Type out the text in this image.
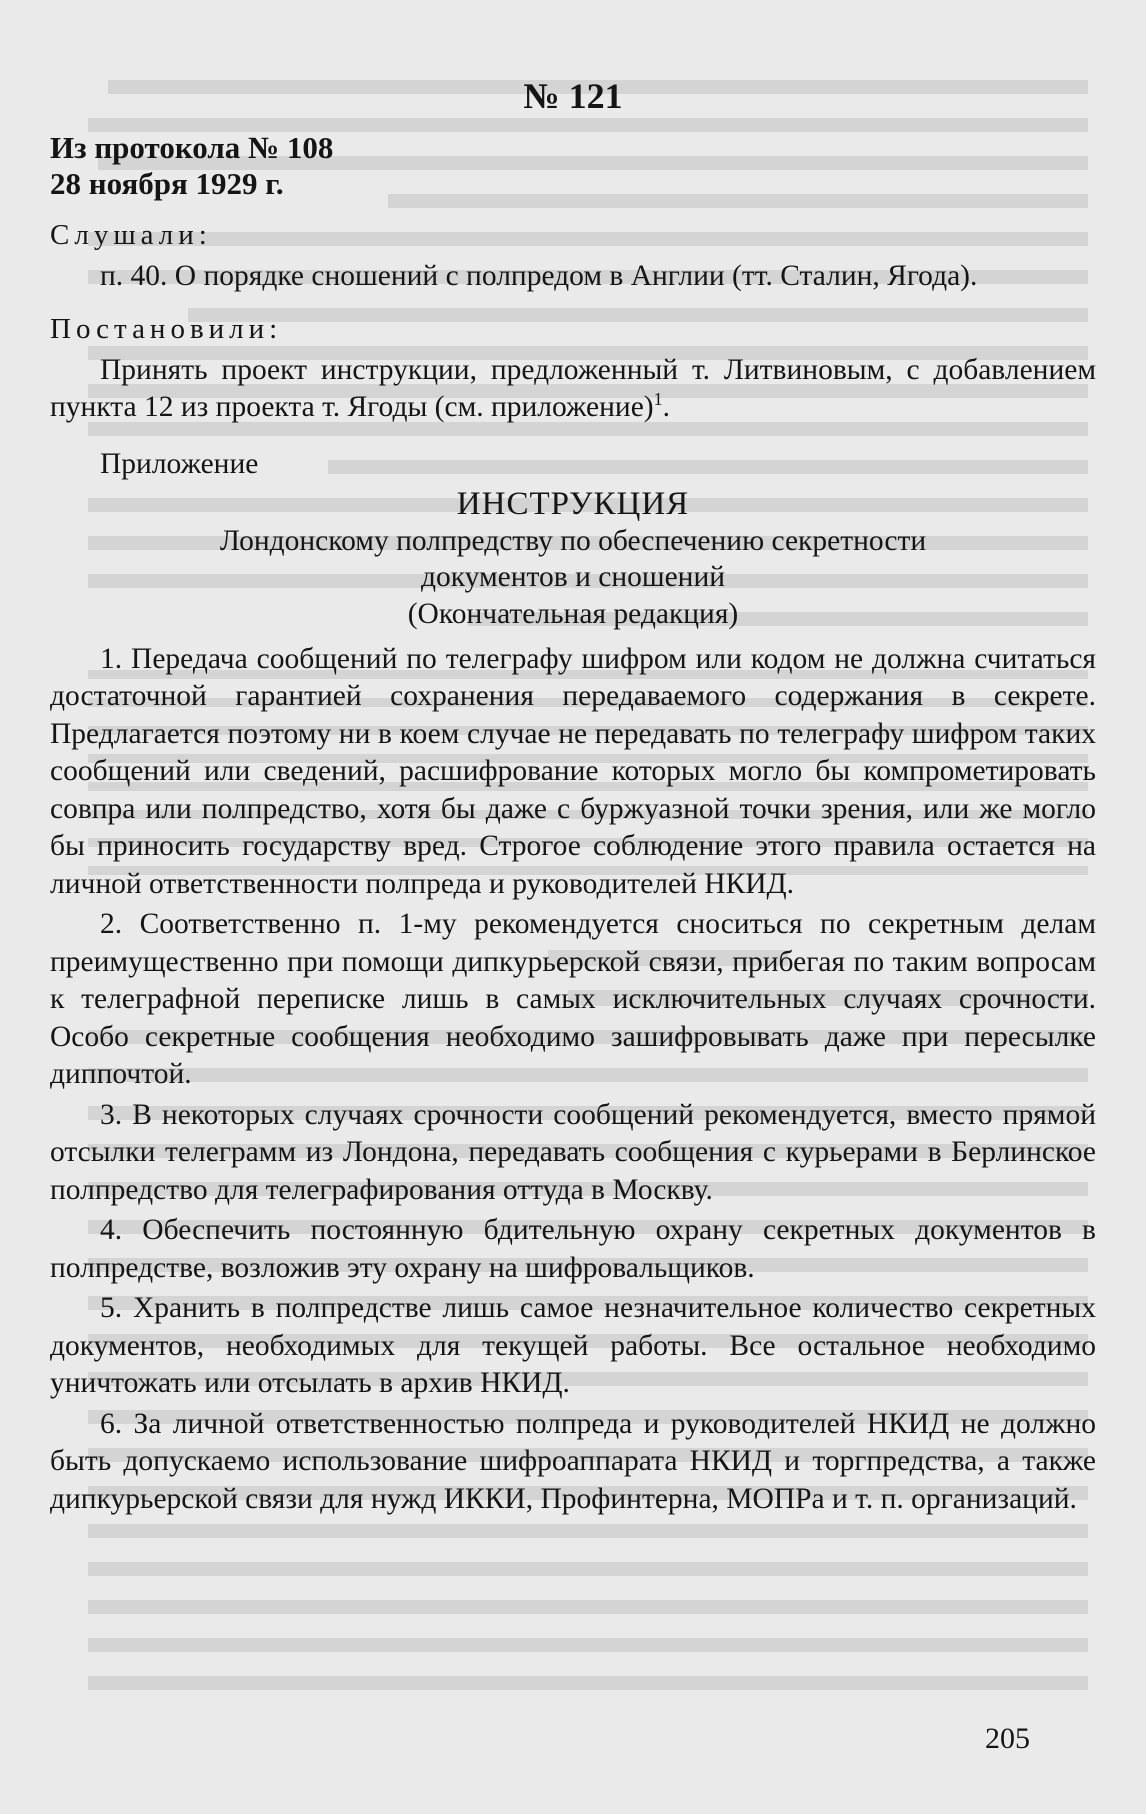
№ 121
Из протокола № 108
28 ноября 1929 г.
Слушали:

п. 40. О порядке сношений с полпредом в Англии (тт. Сталин, Ягода).

Постановили:

Принять проект инструкции, предложенный т. Литвиновым, с добавлением пункта 12 из проекта т. Ягоды (см. приложение)$^1$.

Приложение
ИНСТРУКЦИЯ
Лондонскому полпредству по обеспечению секретности документов и сношений
(Окончательная редакция)

1. Передача сообщений по телеграфу шифром или кодом не должна считаться достаточной гарантией сохранения передаваемого содержания в секрете. Предлагается поэтому ни в коем случае не передавать по телеграфу шифром таких сообщений или сведений, расшифрование которых могло бы компрометировать совпра или полпредство, хотя бы даже с буржуазной точки зрения, или же могло бы приносить государству вред. Строгое соблюдение этого правила остается на личной ответственности полпреда и руководителей НКИД.

2. Соответственно п. 1-му рекомендуется сноситься по секретным делам преимущественно при помощи дипкурьерской связи, прибегая по таким вопросам к телеграфной переписке лишь в самых исключительных случаях срочности. Особо секретные сообщения необходимо зашифровывать даже при пересылке диппочтой.

3. В некоторых случаях срочности сообщений рекомендуется, вместо прямой отсылки телеграмм из Лондона, передавать сообщения с курьерами в Берлинское полпредство для телеграфирования оттуда в Москву.

4. Обеспечить постоянную бдительную охрану секретных документов в полпредстве, возложив эту охрану на шифровальщиков.

5. Хранить в полпредстве лишь самое незначительное количество секретных документов, необходимых для текущей работы. Все остальное необходимо уничтожать или отсылать в архив НКИД.

6. За личной ответственностью полпреда и руководителей НКИД не должно быть допускаемо использование шифроаппарата НКИД и торгпредства, а также дипкурьерской связи для нужд ИККИ, Профинтерна, МОПРа и т. п. организаций.

205
